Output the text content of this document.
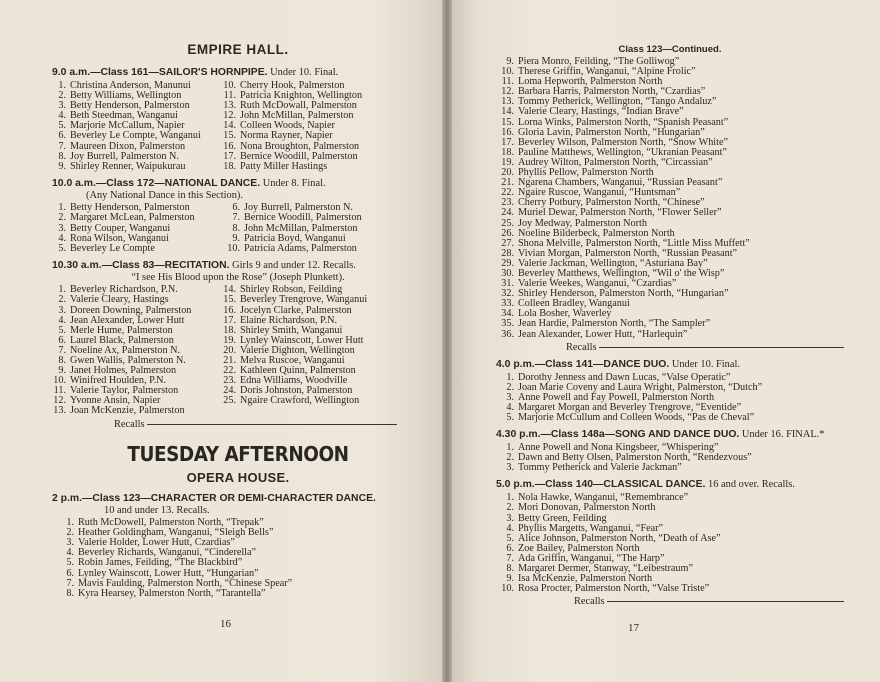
EMPIRE HALL.
9.0 a.m.—Class 161—SAILOR'S HORNPIPE. Under 10. Final.
1. Christina Anderson, Manunui
2. Betty Williams, Wellington
3. Betty Henderson, Palmerston
4. Beth Steedman, Wanganui
5. Marjorie McCallum, Napier
6. Beverley Le Compte, Wanganui
7. Maureen Dixon, Palmerston
8. Joy Burrell, Palmerston N.
9. Shirley Renner, Waipukurau
10. Cherry Hook, Palmerston
11. Patricia Knighton, Wellington
13. Ruth McDowall, Palmerston
12. John McMillan, Palmerston
14. Colleen Woods, Napier
15. Norma Rayner, Napier
16. Nona Broughton, Palmerston
17. Bernice Woodill, Palmerston
18. Patty Miller Hastings
10.0 a.m.—Class 172—NATIONAL DANCE. Under 8. Final.
(Any National Dance in this Section).
1. Betty Henderson, Palmerston
2. Margaret McLean, Palmerston
3. Betty Couper, Wanganui
4. Rona Wilson, Wanganui
5. Beverley Le Compte
6. Joy Burrell, Palmerston N.
7. Bernice Woodill, Palmerston
8. John McMillan, Palmerston
9. Patricia Boyd, Wanganui
10. Patricia Adams, Palmerston
10.30 a.m.—Class 83—RECITATION. Girls 9 and under 12. Recalls.
“I see His Blood upon the Rose” (Joseph Plunkett).
1. Beverley Richardson, P.N.
2. Valerie Cleary, Hastings
3. Doreen Downing, Palmerston
4. Jean Alexander, Lower Hutt
5. Merle Hume, Palmerston
6. Laurel Black, Palmerston
7. Noeline Ax, Palmerston N.
8. Gwen Wallis, Palmerston N.
9. Janet Holmes, Palmerston
10. Winifred Houlden, P.N.
11. Valerie Taylor, Palmerston
12. Yvonne Ansin, Napier
13. Joan McKenzie, Palmerston
14. Shirley Robson, Feilding
15. Beverley Trengrove, Wanganui
16. Jocelyn Clarke, Palmerston
17. Elaine Richardson, P.N.
18. Shirley Smith, Wanganui
19. Lynley Wainscott, Lower Hutt
20. Valerie Dighton, Wellington
21. Melva Ruscoe, Wanganui
22. Kathleen Quinn, Palmerston
23. Edna Williams, Woodville
24. Doris Johnston, Palmerston
25. Ngaire Crawford, Wellington
Recalls
TUESDAY AFTERNOON
OPERA HOUSE.
2 p.m.—Class 123—CHARACTER OR DEMI-CHARACTER DANCE.
10 and under 13. Recalls.
1. Ruth McDowell, Palmerston North, “Trepak”
2. Heather Goldingham, Wanganui, “Sleigh Bells”
3. Valerie Holder, Lower Hutt, Czardias”
4. Beverley Richards, Wanganui, “Cinderella”
5. Robin James, Feilding, “The Blackbird”
6. Lynley Wainscott, Lower Hutt, “Hungarian”
7. Mavis Faulding, Palmerston North, “Chinese Spear”
8. Kyra Hearsey, Palmerston North, “Tarantella”
16
Class 123—Continued.
9. Piera Monro, Feilding, “The Golliwog”
10. Therese Griffin, Wanganui, “Alpine Frolic”
11. Loma Hepworth, Palmerston North
12. Barbara Harris, Palmerston North, “Czardias”
13. Tommy Petherick, Wellington, “Tango Andaluz”
14. Valerie Cleary, Hastings, “Indian Brave”
15. Lorna Winks, Palmerston North, “Spanish Peasant”
16. Gloria Lavin, Palmerston North, “Hungarian”
17. Beverley Wilson, Palmerston North, “Snow White”
18. Pauline Matthews, Wellington, “Ukranian Peasant”
19. Audrey Wilton, Palmerston North, “Circassian”
20. Phyllis Pellow, Palmerston North
21. Ngarena Chambers, Wanganui, “Russian Peasant”
22. Ngaire Ruscoe, Wanganui, “Huntsman”
23. Cherry Potbury, Palmerston North, “Chinese”
24. Muriel Dewar, Palmerston North, “Flower Seller”
25. Joy Medway, Palmerston North
26. Noeline Bilderbeck, Palmerston North
27. Shona Melville, Palmerston North, “Little Miss Muffett”
28. Vivian Morgan, Palmerston North, “Russian Peasant”
29. Valerie Jackman, Wellington, “Asturiana Bay”
30. Beverley Matthews, Wellington, “Wil o' the Wisp”
31. Valerie Weekes, Wanganui, “Czardias”
32. Shirley Henderson, Palmerston North, “Hungarian”
33. Colleen Bradley, Wanganui
34. Lola Bosher, Waverley
35. Jean Hardie, Palmerston North, “The Sampler”
36. Jean Alexander, Lower Hutt, “Harlequin”
Recalls
4.0 p.m.—Class 141—DANCE DUO. Under 10. Final.
1. Dorothy Jenness and Dawn Lucas, “Valse Operatic”
2. Joan Marie Coveny and Laura Wright, Palmerston, “Dutch”
3. Anne Powell and Fay Powell, Palmerston North
4. Margaret Morgan and Beverley Trengrove, “Eventide”
5. Marjorie McCullum and Colleen Woods, “Pas de Cheval”
4.30 p.m.—Class 148a—SONG AND DANCE DUO. Under 16. FINAL.*
1. Anne Powell and Nona Kingsbeer, “Whispering”
2. Dawn and Betty Olsen, Palmerston North, “Rendezvous”
3. Tommy Petherick and Valerie Jackman”
5.0 p.m.—Class 140—CLASSICAL DANCE. 16 and over. Recalls.
1. Nola Hawke, Wanganui, “Remembrance”
2. Mori Donovan, Palmerston North
3. Betty Green, Feilding
4. Phyllis Margetts, Wanganui, “Fear”
5. Alice Johnson, Palmerston North, “Death of Ase”
6. Zoe Bailey, Palmerston North
7. Ada Griffin, Wanganui, “The Harp”
8. Margaret Dermer, Stanway, “Leibestraum”
9. Isa McKenzie, Palmerston North
10. Rosa Procter, Palmerston North, “Valse Triste”
Recalls
17
